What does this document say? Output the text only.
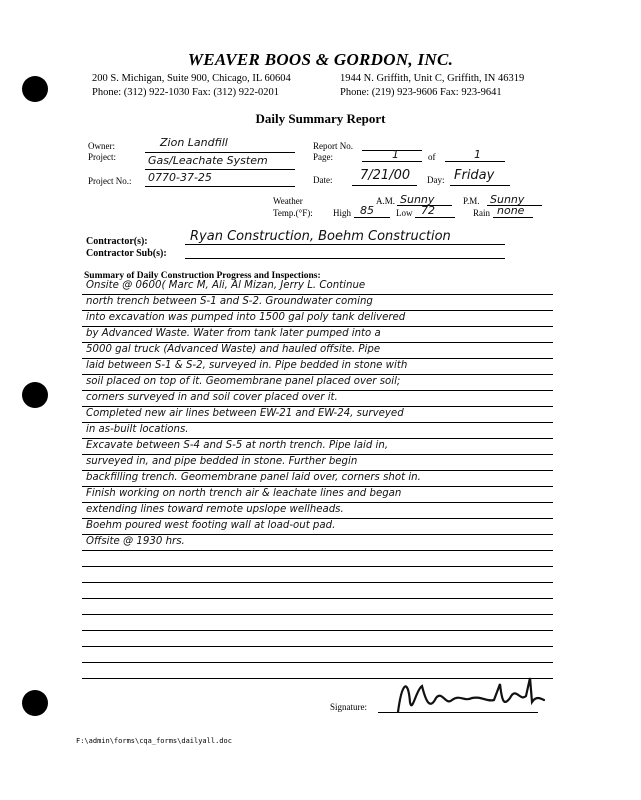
WEAVER BOOS & GORDON, INC.
200 S. Michigan, Suite 900, Chicago, IL 60604
Phone: (312) 922-1030 Fax: (312) 922-0201
1944 N. Griffith, Unit C, Griffith, IN 46319
Phone: (219) 923-9606 Fax: 923-9641
Daily Summary Report
Owner:	Zion Landfill
Project:	Gas/Leachate System
Project No.: 0770-37-25
Report No.
Page:	1	of	1
Date: 7/21/00 Day: Friday
Weather	A.M. Sunny	P.M. Sunny
Temp.(°F): High 85 Low 72	Rain none
Contractor(s):	Ryan Construction, Boehm Construction
Contractor Sub(s):
Summary of Daily Construction Progress and Inspections:
Onsite @ 0600( Marc M, Ali, Al Mizan, Jerry L. Continue
north trench between S-1 and S-2. Groundwater coming
into excavation was pumped into 1500 gal poly tank delivered
by Advanced Waste. Water from tank later pumped into a
5000 gal truck (Advanced Waste) and hauled offsite. Pipe
laid between S-1 & S-2, surveyed in. Pipe bedded in stone with
soil placed on top of it. Geomembrane panel placed over soil;
corners surveyed in and soil cover placed over it.
Completed new air lines between EW-21 and EW-24, surveyed
in as-built locations.
Excavate between S-4 and S-5 at north trench. Pipe laid in,
surveyed in, and pipe bedded in stone. Further begin
backfilling trench. Geomembrane panel laid over, corners shot in.
Finish working on north trench air & leachate lines and began
extending lines toward remote upslope wellheads.
Boehm poured west footing wall at load-out pad.
Offsite @ 1930 hrs.
Signature:
F:\admin\forms\cqa_forms\dailyall.doc
